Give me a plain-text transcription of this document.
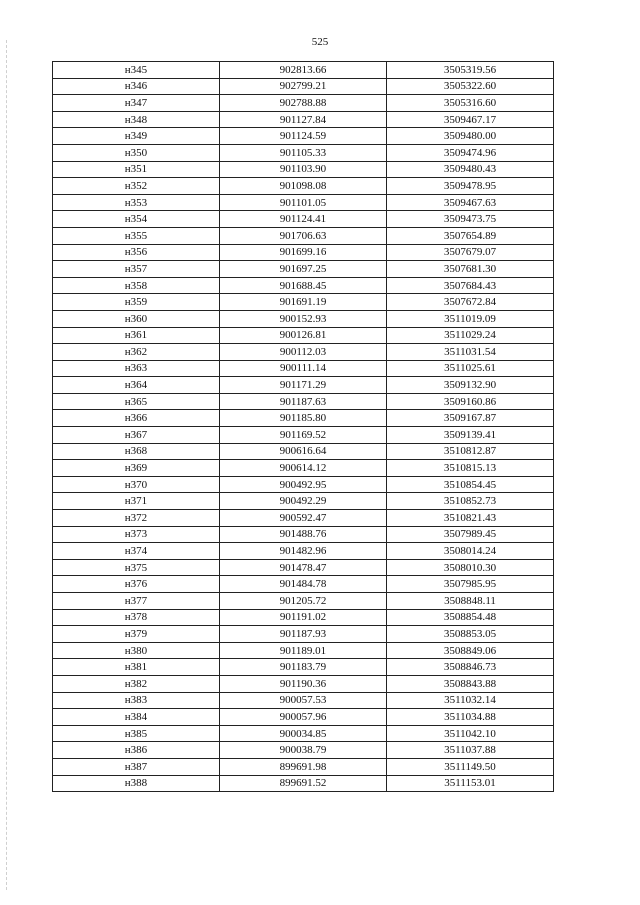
525
н345	902813.66	3505319.56
н346	902799.21	3505322.60
н347	902788.88	3505316.60
н348	901127.84	3509467.17
н349	901124.59	3509480.00
н350	901105.33	3509474.96
н351	901103.90	3509480.43
н352	901098.08	3509478.95
н353	901101.05	3509467.63
н354	901124.41	3509473.75
н355	901706.63	3507654.89
н356	901699.16	3507679.07
н357	901697.25	3507681.30
н358	901688.45	3507684.43
н359	901691.19	3507672.84
н360	900152.93	3511019.09
н361	900126.81	3511029.24
н362	900112.03	3511031.54
н363	900111.14	3511025.61
н364	901171.29	3509132.90
н365	901187.63	3509160.86
н366	901185.80	3509167.87
н367	901169.52	3509139.41
н368	900616.64	3510812.87
н369	900614.12	3510815.13
н370	900492.95	3510854.45
н371	900492.29	3510852.73
н372	900592.47	3510821.43
н373	901488.76	3507989.45
н374	901482.96	3508014.24
н375	901478.47	3508010.30
н376	901484.78	3507985.95
н377	901205.72	3508848.11
н378	901191.02	3508854.48
н379	901187.93	3508853.05
н380	901189.01	3508849.06
н381	901183.79	3508846.73
н382	901190.36	3508843.88
н383	900057.53	3511032.14
н384	900057.96	3511034.88
н385	900034.85	3511042.10
н386	900038.79	3511037.88
н387	899691.98	3511149.50
н388	899691.52	3511153.01
